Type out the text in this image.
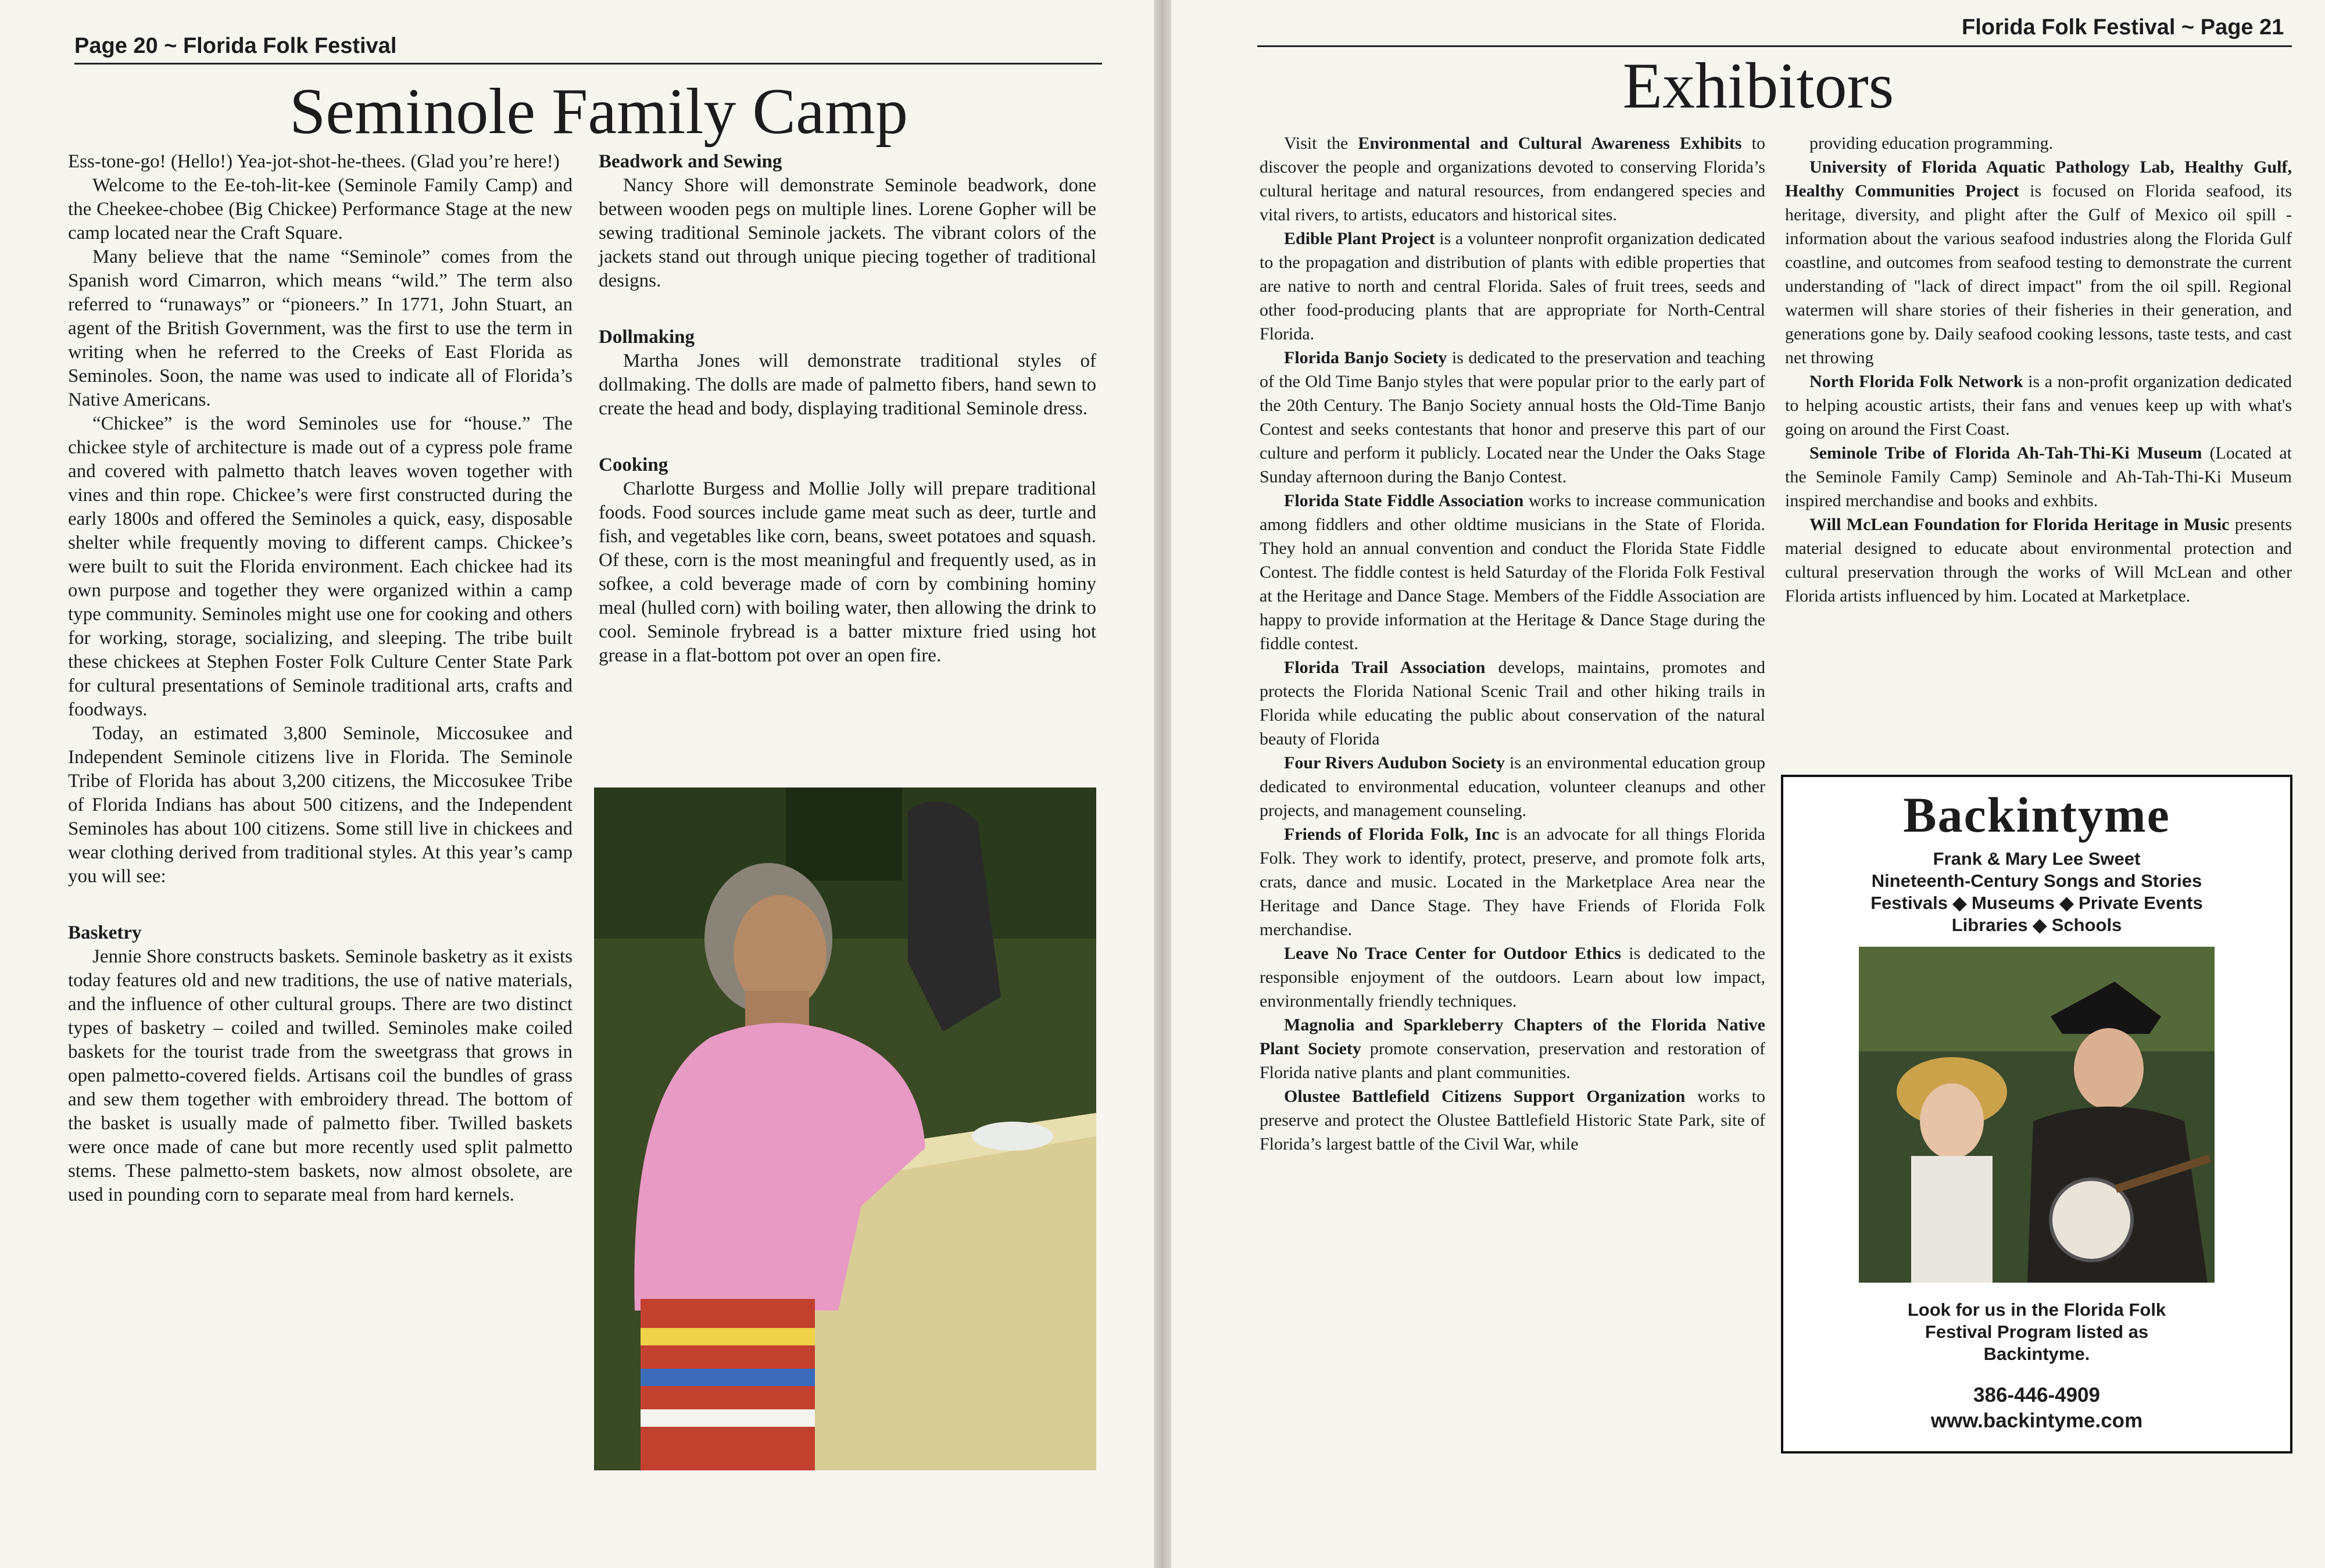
Page 20 ~ Florida Folk Festival
Seminole Family Camp

Ess-tone-go! (Hello!) Yea-jot-shot-he-thees. (Glad you’re here!)

Welcome to the Ee-toh-lit-kee (Seminole Family Camp) and the Cheekee-chobee (Big Chickee) Performance Stage at the new camp located near the Craft Square.

Many believe that the name “Seminole” comes from the Spanish word Cimarron, which means “wild.” The term also referred to “runaways” or “pioneers.” In 1771, John Stuart, an agent of the British Government, was the first to use the term in writing when he referred to the Creeks of East Florida as Seminoles. Soon, the name was used to indicate all of Florida’s Native Americans.

“Chickee” is the word Seminoles use for “house.” The chickee style of architecture is made out of a cypress pole frame and covered with palmetto thatch leaves woven together with vines and thin rope. Chickee’s were first constructed during the early 1800s and offered the Seminoles a quick, easy, disposable shelter while frequently moving to different camps. Chickee’s were built to suit the Florida environment. Each chickee had its own purpose and together they were organized within a camp type community. Seminoles might use one for cooking and others for working, storage, socializing, and sleeping. The tribe built these chickees at Stephen Foster Folk Culture Center State Park for cultural presentations of Seminole traditional arts, crafts and foodways.

Today, an estimated 3,800 Seminole, Miccosukee and Independent Seminole citizens live in Florida. The Seminole Tribe of Florida has about 3,200 citizens, the Miccosukee Tribe of Florida Indians has about 500 citizens, and the Independent Seminoles has about 100 citizens. Some still live in chickees and wear clothing derived from traditional styles. At this year’s camp you will see:

Basketry

Jennie Shore constructs baskets. Seminole basketry as it exists today features old and new traditions, the use of native materials, and the influence of other cultural groups. There are two distinct types of basketry – coiled and twilled. Seminoles make coiled baskets for the tourist trade from the sweetgrass that grows in open palmetto-covered fields. Artisans coil the bundles of grass and sew them together with embroidery thread. The bottom of the basket is usually made of palmetto fiber. Twilled baskets were once made of cane but more recently used split palmetto stems. These palmetto-stem baskets, now almost obsolete, are used in pounding corn to separate meal from hard kernels.

Beadwork and Sewing

Nancy Shore will demonstrate Seminole beadwork, done between wooden pegs on multiple lines. Lorene Gopher will be sewing traditional Seminole jackets. The vibrant colors of the jackets stand out through unique piecing together of traditional designs.

Dollmaking

Martha Jones will demonstrate traditional styles of dollmaking. The dolls are made of palmetto fibers, hand sewn to create the head and body, displaying traditional Seminole dress.

Cooking

Charlotte Burgess and Mollie Jolly will prepare traditional foods. Food sources include game meat such as deer, turtle and fish, and vegetables like corn, beans, sweet potatoes and squash. Of these, corn is the most meaningful and frequently used, as in sofkee, a cold beverage made of corn by combining hominy meal (hulled corn) with boiling water, then allowing the drink to cool. Seminole frybread is a batter mixture fried using hot grease in a flat-bottom pot over an open fire.

Florida Folk Festival ~ Page 21
Exhibitors

Visit the Environmental and Cultural Awareness Exhibits to discover the people and organizations devoted to conserving Florida’s cultural heritage and natural resources, from endangered species and vital rivers, to artists, educators and historical sites.

Edible Plant Project is a volunteer nonprofit organization dedicated to the propagation and distribution of plants with edible properties that are native to north and central Florida. Sales of fruit trees, seeds and other food-producing plants that are appropriate for North-Central Florida.

Florida Banjo Society is dedicated to the preservation and teaching of the Old Time Banjo styles that were popular prior to the early part of the 20th Century. The Banjo Society annual hosts the Old-Time Banjo Contest and seeks contestants that honor and preserve this part of our culture and perform it publicly. Located near the Under the Oaks Stage Sunday afternoon during the Banjo Contest.

Florida State Fiddle Association works to increase communication among fiddlers and other oldtime musicians in the State of Florida. They hold an annual convention and conduct the Florida State Fiddle Contest. The fiddle contest is held Saturday of the Florida Folk Festival at the Heritage and Dance Stage. Members of the Fiddle Association are happy to provide information at the Heritage & Dance Stage during the fiddle contest.

Florida Trail Association develops, maintains, promotes and protects the Florida National Scenic Trail and other hiking trails in Florida while educating the public about conservation of the natural beauty of Florida

Four Rivers Audubon Society is an environmental education group dedicated to environmental education, volunteer cleanups and other projects, and management counseling.

Friends of Florida Folk, Inc is an advocate for all things Florida Folk. They work to identify, protect, preserve, and promote folk arts, crats, dance and music. Located in the Marketplace Area near the Heritage and Dance Stage. They have Friends of Florida Folk merchandise.

Leave No Trace Center for Outdoor Ethics is dedicated to the responsible enjoyment of the outdoors. Learn about low impact, environmentally friendly techniques.

Magnolia and Sparkleberry Chapters of the Florida Native Plant Society promote conservation, preservation and restoration of Florida native plants and plant communities.

Olustee Battlefield Citizens Support Organization works to preserve and protect the Olustee Battlefield Historic State Park, site of Florida’s largest battle of the Civil War, while

providing education programming.

University of Florida Aquatic Pathology Lab, Healthy Gulf, Healthy Communities Project is focused on Florida seafood, its heritage, diversity, and plight after the Gulf of Mexico oil spill - information about the various seafood industries along the Florida Gulf coastline, and outcomes from seafood testing to demonstrate the current understanding of "lack of direct impact" from the oil spill. Regional watermen will share stories of their fisheries in their generation, and generations gone by. Daily seafood cooking lessons, taste tests, and cast net throwing

North Florida Folk Network is a non-profit organization dedicated to helping acoustic artists, their fans and venues keep up with what's going on around the First Coast.

Seminole Tribe of Florida Ah-Tah-Thi-Ki Museum (Located at the Seminole Family Camp) Seminole and Ah-Tah-Thi-Ki Museum inspired merchandise and books and exhbits.

Will McLean Foundation for Florida Heritage in Music presents material designed to educate about environmental protection and cultural preservation through the works of Will McLean and other Florida artists influenced by him. Located at Marketplace.

Backintyme
Frank & Mary Lee Sweet
Nineteenth-Century Songs and Stories
Festivals ◆ Museums ◆ Private Events
Libraries ◆ Schools
Look for us in the Florida Folk
Festival Program listed as
Backintyme.
386-446-4909
www.backintyme.com
